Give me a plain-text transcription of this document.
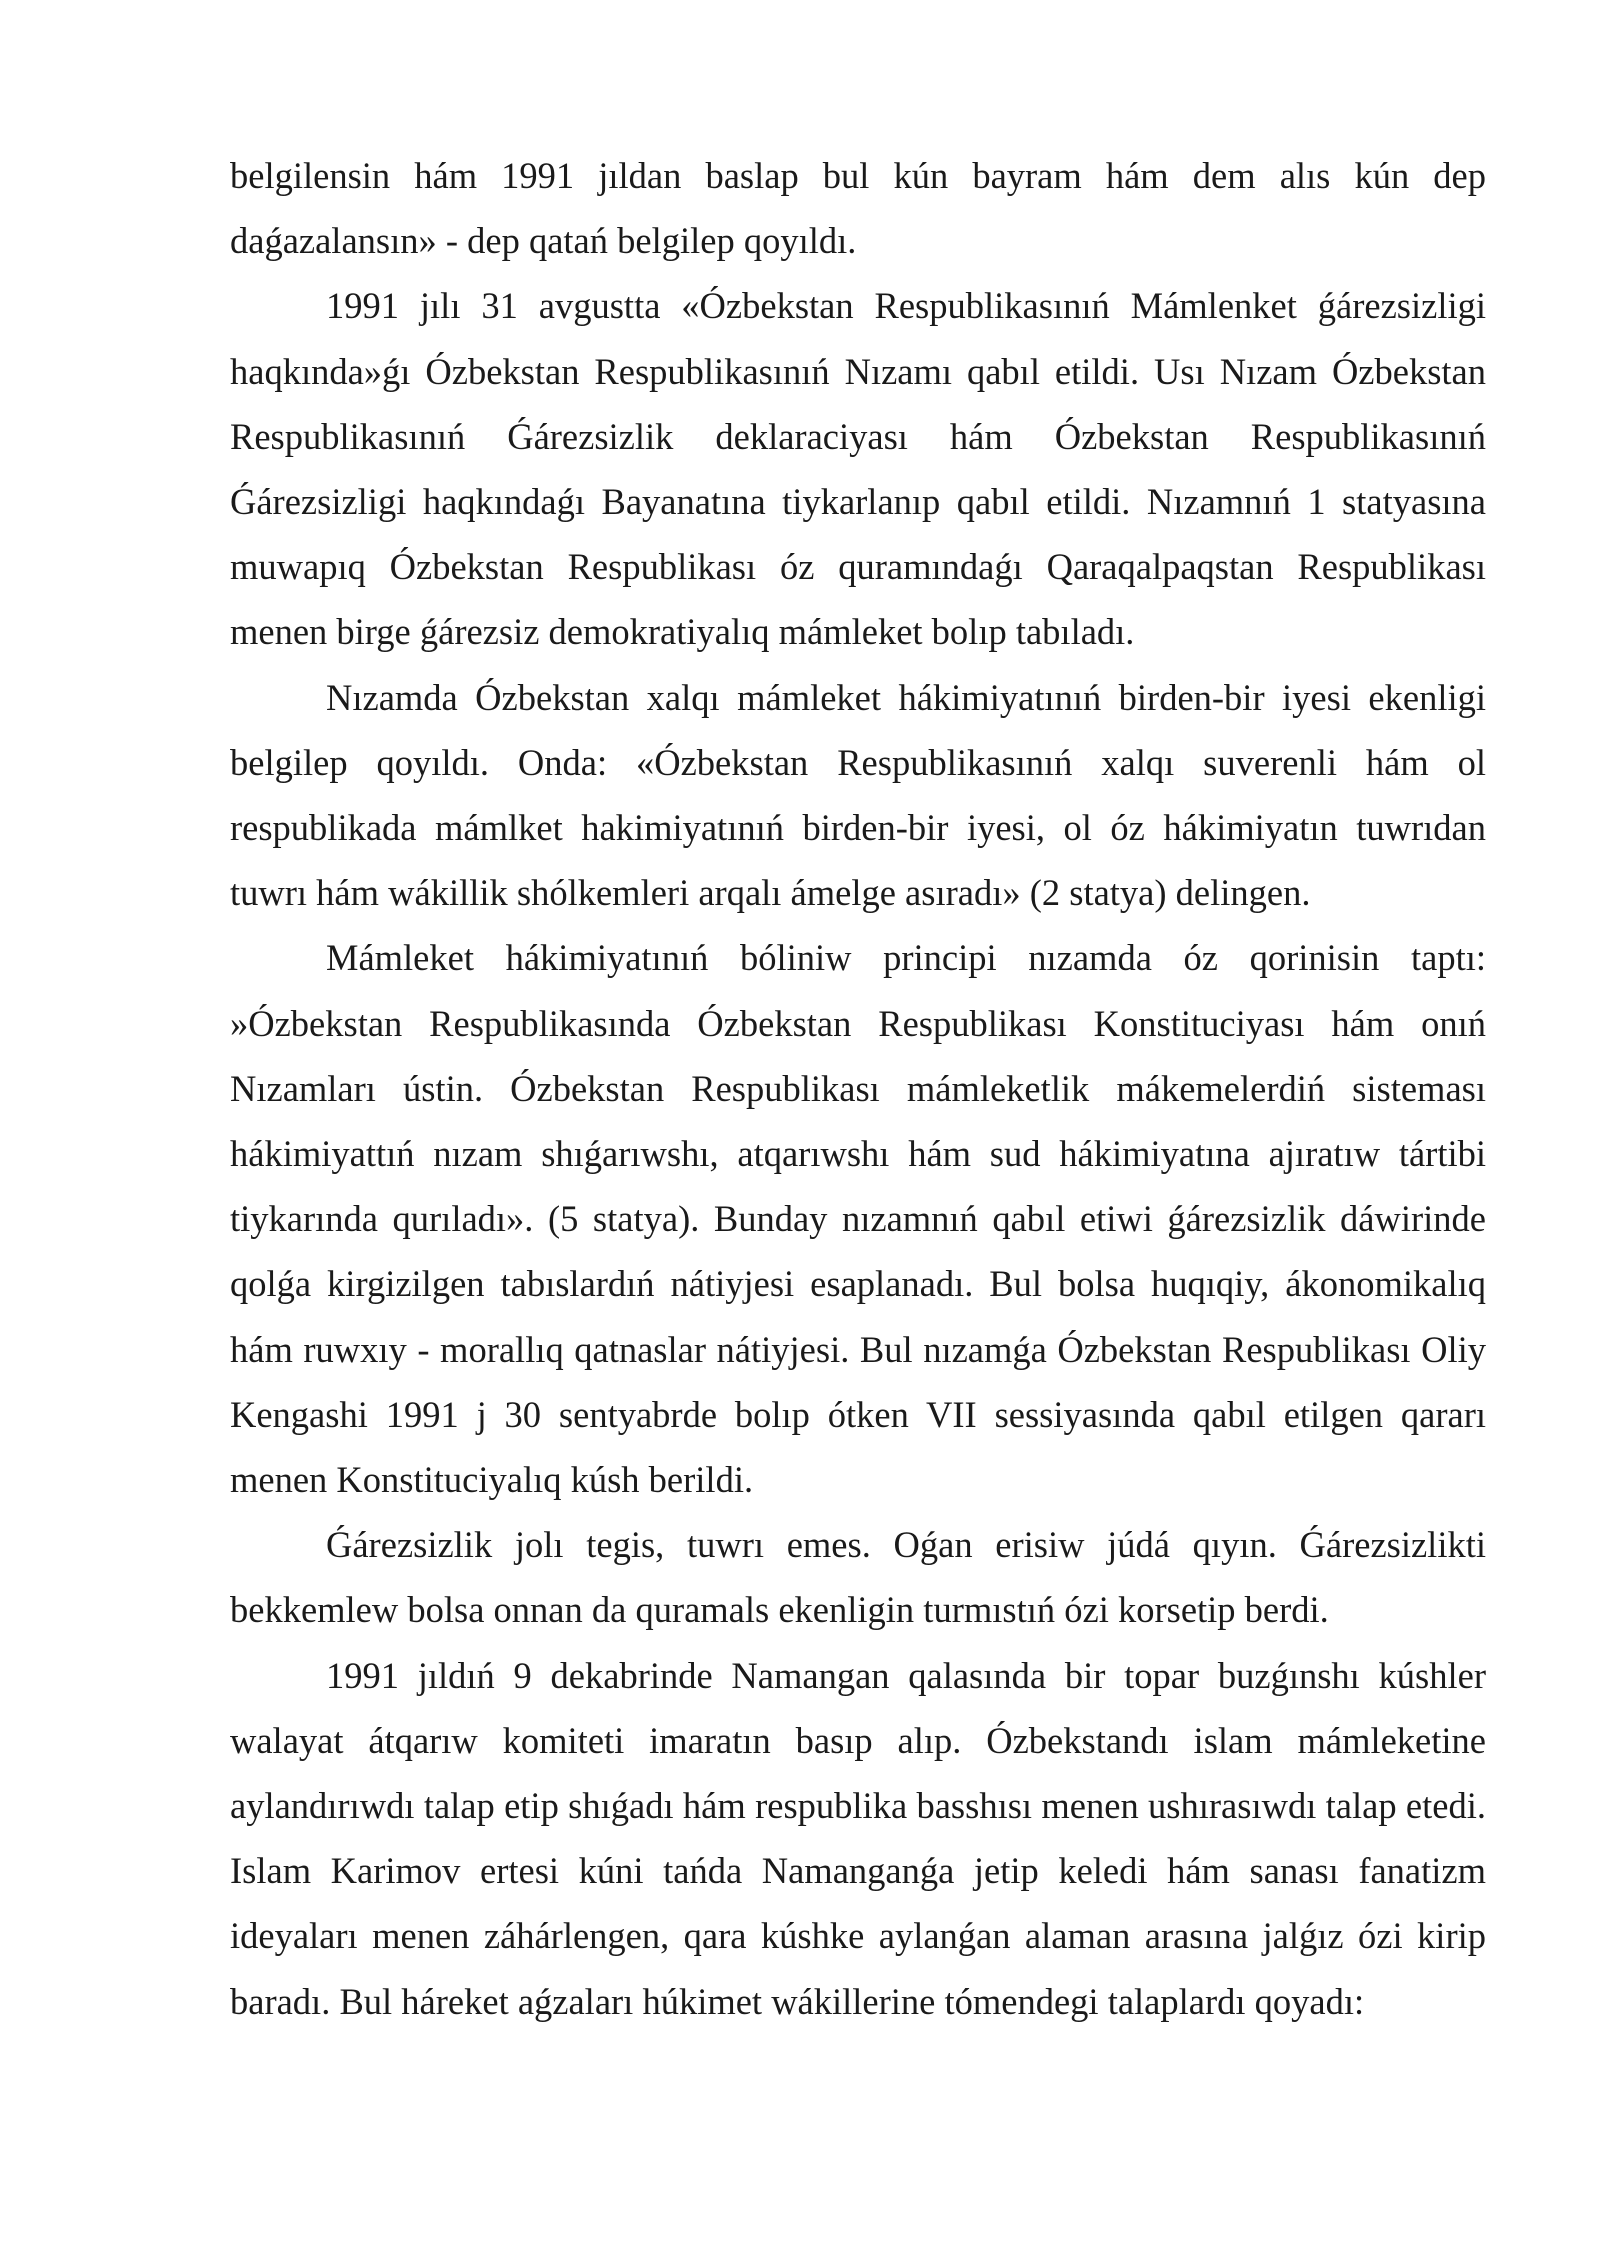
belgilensin hám 1991 jıldan baslap bul kún bayram hám dem alıs kún dep daǵazalansın» - dep qatań belgilep qoyıldı.

1991 jılı 31 avgustta «Ózbekstan Respublikasınıń Mámlenket ǵárezsizligi haqkında»ǵı Ózbekstan Respublikasınıń Nızamı qabıl etildi. Usı Nızam Ózbekstan Respublikasınıń Ǵárezsizlik deklaraciyası hám Ózbekstan Respublikasınıń Ǵárezsizligi haqkındaǵı Bayanatına tiykarlanıp qabıl etildi. Nızamnıń 1 statyasına muwapıq Ózbekstan Respublikası óz quramındaǵı Qaraqalpaqstan Respublikası menen birge ǵárezsiz demokratiyalıq mámleket bolıp tabıladı.

Nızamda Ózbekstan xalqı mámleket hákimiyatınıń birden-bir iyesi ekenligi belgilep qoyıldı. Onda: «Ózbekstan Respublikasınıń xalqı suverenli hám ol respublikada mámlket hakimiyatınıń birden-bir iyesi, ol óz hákimiyatın tuwrıdan tuwrı hám wákillik shólkemleri arqalı ámelge asıradı» (2 statya) delingen.

Mámleket hákimiyatınıń bóliniw principi nızamda óz qorinisin taptı: »Ózbekstan Respublikasında Ózbekstan Respublikası Konstituciyası hám onıń Nızamları ústin. Ózbekstan Respublikası mámleketlik mákemelerdiń sisteması hákimiyattıń nızam shıǵarıwshı, atqarıwshı hám sud hákimiyatına ajıratıw tártibi tiykarında qurıladı». (5 statya). Bunday nızamnıń qabıl etiwi ǵárezsizlik dáwirinde qolǵa kirgizilgen tabıslardıń nátiyjesi esaplanadı. Bul bolsa huqıqiy, ákonomikalıq hám ruwxıy - morallıq qatnaslar nátiyjesi. Bul nızamǵa Ózbekstan Respublikası Oliy Kengashi 1991 j 30 sentyabrde bolıp ótken VII sessiyasında qabıl etilgen qararı menen Konstituciyalıq kúsh berildi.

Ǵárezsizlik jolı tegis, tuwrı emes. Oǵan erisiw júdá qıyın. Ǵárezsizlikti bekkemlew bolsa onnan da quramals ekenligin turmıstıń ózi korsetip berdi.

1991 jıldıń 9 dekabrinde Namangan qalasında bir topar buzǵınshı kúshler walayat átqarıw komiteti imaratın basıp alıp. Ózbekstandı islam mámleketine aylandırıwdı talap etip shıǵadı hám respublika basshısı menen ushırasıwdı talap etedi. Islam Karimov ertesi kúni tańda Namanganǵa jetip keledi hám sanası fanatizm ideyaları menen záhárlengen, qara kúshke aylanǵan alaman arasına jalǵız ózi kirip baradı. Bul háreket aǵzaları húkimet wákillerine tómendegi talaplardı qoyadı:
